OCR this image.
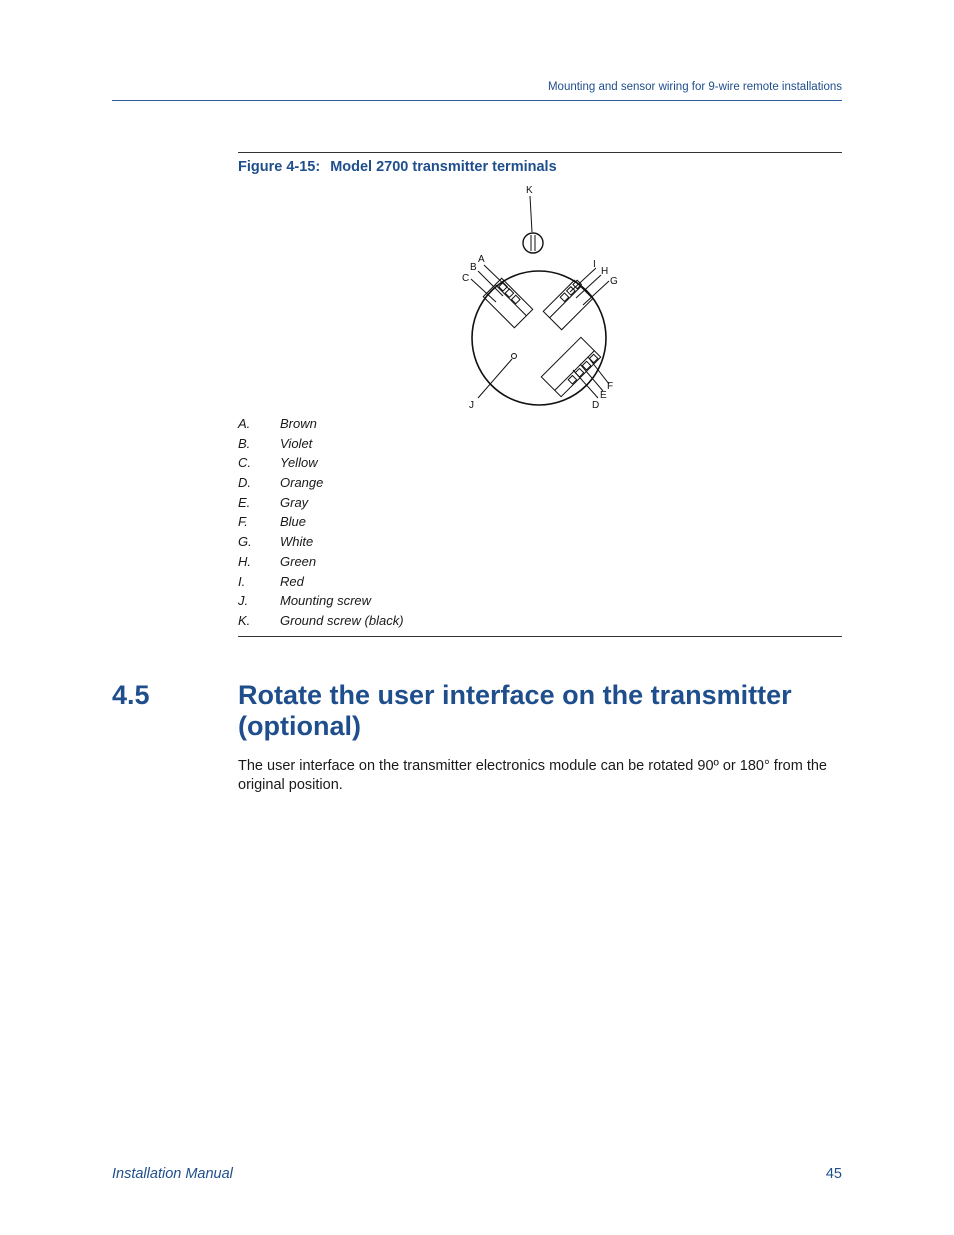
Mounting and sensor wiring for 9-wire remote installations
Figure 4-15: Model 2700 transmitter terminals
K
A
B
C
I
H
G
F
E
D
J
A.	Brown
B.	Violet
C.	Yellow
D.	Orange
E.	Gray
F.	Blue
G.	White
H.	Green
I.	Red
J.	Mounting screw
K.	Ground screw (black)
4.5	Rotate the user interface on the transmitter (optional)

The user interface on the transmitter electronics module can be rotated 90º or 180° from the original position.

Installation Manual	45
